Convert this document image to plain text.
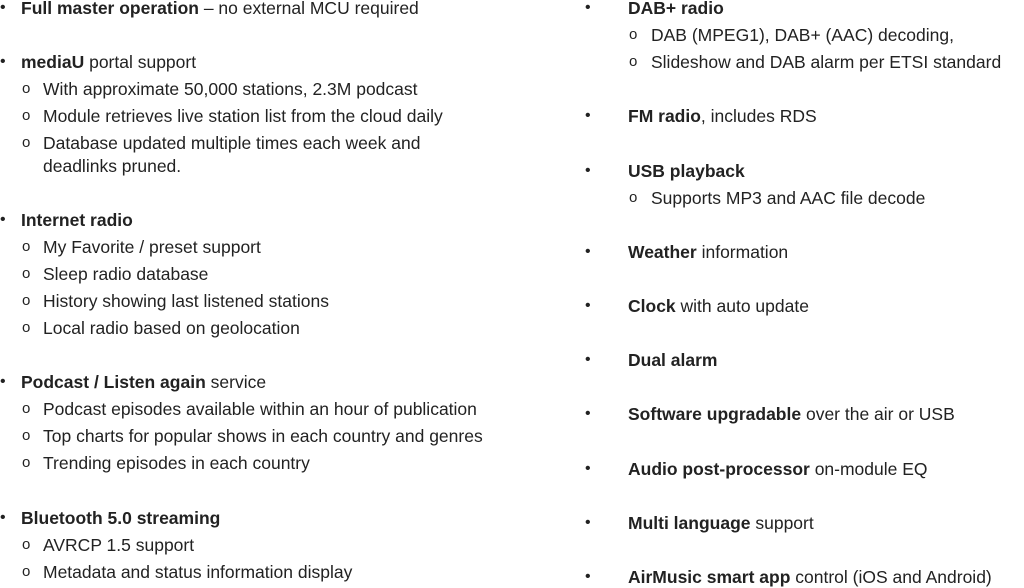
• Full master operation – no external MCU required
• mediaU portal support
o With approximate 50,000 stations, 2.3M podcast
o Module retrieves live station list from the cloud daily
o Database updated multiple times each week and
deadlinks pruned.
• Internet radio
o My Favorite / preset support
o Sleep radio database
o History showing last listened stations
o Local radio based on geolocation
• Podcast / Listen again service
o Podcast episodes available within an hour of publication
o Top charts for popular shows in each country and genres
o Trending episodes in each country
• Bluetooth 5.0 streaming
o AVRCP 1.5 support
o Metadata and status information display
• DAB+ radio
o DAB (MPEG1), DAB+ (AAC) decoding,
o Slideshow and DAB alarm per ETSI standard
• FM radio, includes RDS
• USB playback
o Supports MP3 and AAC file decode
• Weather information
• Clock with auto update
• Dual alarm
• Software upgradable over the air or USB
• Audio post-processor on-module EQ
• Multi language support
• AirMusic smart app control (iOS and Android)
